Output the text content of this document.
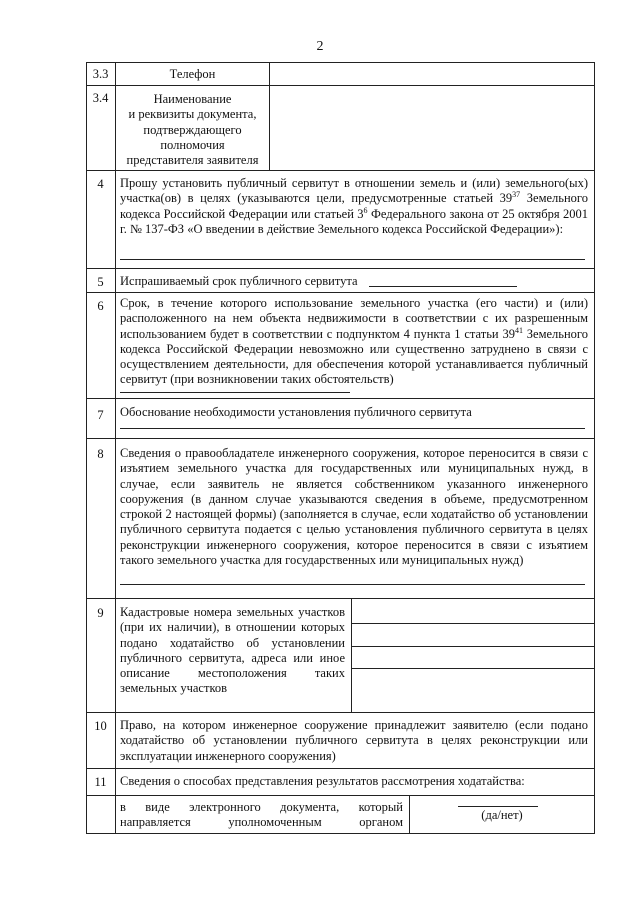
2
3.3	Телефон
3.4	Наименование
и реквизиты документа,
подтверждающего
полномочия
представителя заявителя
4	Прошу установить публичный сервитут в отношении земель и (или) земельного(ых) участка(ов) в целях (указываются цели, предусмотренные статьей $39^{37}$ Земельного кодекса Российской Федерации или статьей $3^6$ Федерального закона от 25 октября 2001 г. № 137-ФЗ «О введении в действие Земельного кодекса Российской Федерации»):
5	Испрашиваемый срок публичного сервитута
6	Срок, в течение которого использование земельного участка (его части) и (или) расположенного на нем объекта недвижимости в соответствии с их разрешенным использованием будет в соответствии с подпунктом 4 пункта 1 статьи $39^{41}$ Земельного кодекса Российской Федерации невозможно или существенно затруднено в связи с осуществлением деятельности, для обеспечения которой устанавливается публичный сервитут (при возникновении таких обстоятельств)
7	Обоснование необходимости установления публичного сервитута
8	Сведения о правообладателе инженерного сооружения, которое переносится в связи с изъятием земельного участка для государственных или муниципальных нужд, в случае, если заявитель не является собственником указанного инженерного сооружения (в данном случае указываются сведения в объеме, предусмотренном строкой 2 настоящей формы) (заполняется в случае, если ходатайство об установлении публичного сервитута подается с целью установления публичного сервитута в целях реконструкции инженерного сооружения, которое переносится в связи с изъятием такого земельного участка для государственных или муниципальных нужд)
9	Кадастровые номера земельных участков (при их наличии), в отношении которых подано ходатайство об установлении публичного сервитута, адреса или иное описание местоположения таких земельных участков
10	Право, на котором инженерное сооружение принадлежит заявителю (если подано ходатайство об установлении публичного сервитута в целях реконструкции или эксплуатации инженерного сооружения)
11	Сведения о способах представления результатов рассмотрения ходатайства:
в виде электронного документа, который направляется уполномоченным органом
(да/нет)
